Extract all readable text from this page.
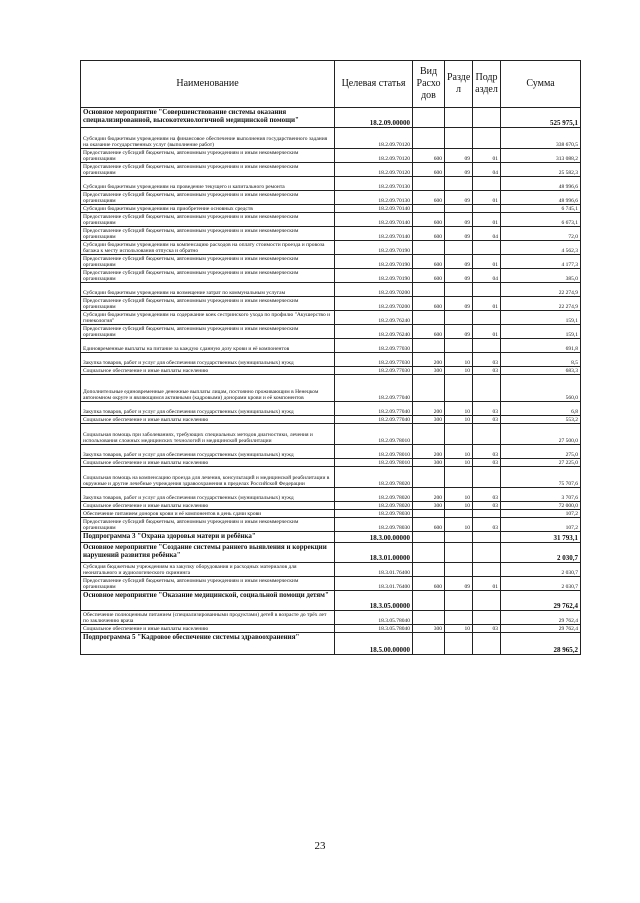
Наименование	Целевая статья	Вид Расхо дов	Разде л	Подр аздел	Сумма
Основное мероприятие "Совершенствование системы оказания специализированной, высокотехнологичной медицинской помощи"	18.2.09.00000				525 975,1
Субсидии бюджетным учреждениям на финансовое обеспечение выполнения государственного задания на оказание государственных услуг (выполнение работ)	18.2.09.70120				338 670,5
Предоставление субсидий бюджетным, автономным учреждениям и иным некоммерческим организациям	18.2.09.70120	600	09	01	313 088,2
Предоставление субсидий бюджетным, автономным учреждениям и иным некоммерческим организациям	18.2.09.70120	600	09	04	25 582,3
Субсидии бюджетным учреждениям на проведение текущего и капитального ремонта	18.2.09.70130				48 996,6
Предоставление субсидий бюджетным, автономным учреждениям и иным некоммерческим организациям	18.2.09.70130	600	09	01	48 996,6
Субсидии бюджетным учреждениям на приобретение основных средств	18.2.09.70140				6 745,1
Предоставление субсидий бюджетным, автономным учреждениям и иным некоммерческим организациям	18.2.09.70140	600	09	01	6 673,1
Предоставление субсидий бюджетным, автономным учреждениям и иным некоммерческим организациям	18.2.09.70140	600	09	04	72,0
Субсидии бюджетным учреждениям на компенсацию расходов на оплату стоимости проезда и провоза багажа к месту использования отпуска и обратно	18.2.09.70190				4 562,3
Предоставление субсидий бюджетным, автономным учреждениям и иным некоммерческим организациям	18.2.09.70190	600	09	01	4 177,3
Предоставление субсидий бюджетным, автономным учреждениям и иным некоммерческим организациям	18.2.09.70190	600	09	04	385,0
Субсидии бюджетным учреждениям на возмещение затрат по коммунальным услугам	18.2.09.70200				22 274,9
Предоставление субсидий бюджетным, автономным учреждениям и иным некоммерческим организациям	18.2.09.70200	600	09	01	22 274,9
Субсидии бюджетным учреждениям на содержание коек сестринского ухода по профилю "Акушерство и гинекология"	18.2.09.76240				159,1
Предоставление субсидий бюджетным, автономным учреждениям и иным некоммерческим организациям	18.2.09.76240	600	09	01	159,1
Единовременные выплаты на питание за каждую сданную дозу крови и её компонентов	18.2.09.77030				691,8
Закупка товаров, работ и услуг для обеспечения государственных (муниципальных) нужд	18.2.09.77030	200	10	03	8,5
Социальное обеспечение и иные выплаты населению	18.2.09.77030	300	10	03	683,3
Дополнительные единовременные денежные выплаты лицам, постоянно проживающим в Ненецком автономном округе и являющимся активными (кадровыми) донорами крови и её компонентов	18.2.09.77040				560,0
Закупка товаров, работ и услуг для обеспечения государственных (муниципальных) нужд	18.2.09.77040	200	10	03	6,8
Социальное обеспечение и иные выплаты населению	18.2.09.77040	300	10	03	553,2
Социальная помощь при заболеваниях, требующих специальных методов диагностики, лечения и использования сложных медицинских технологий и медицинской реабилитации	18.2.09.78010				27 500,0
Закупка товаров, работ и услуг для обеспечения государственных (муниципальных) нужд	18.2.09.78010	200	10	03	275,0
Социальное обеспечение и иные выплаты населению	18.2.09.78010	300	10	03	27 225,0
Социальная помощь на компенсацию проезда для лечения, консультаций и медицинской реабилитации в окружные и другие лечебные учреждения здравоохранения в пределах Российской Федерации	18.2.09.78020				75 707,6
Закупка товаров, работ и услуг для обеспечения государственных (муниципальных) нужд	18.2.09.78020	200	10	03	3 707,6
Социальное обеспечение и иные выплаты населению	18.2.09.78020	300	10	03	72 000,0
Обеспечение питанием доноров крови и её компонентов в день сдачи крови	18.2.09.78030				107,2
Предоставление субсидий бюджетным, автономным учреждениям и иным некоммерческим организациям	18.2.09.78030	600	10	03	107,2
Подпрограмма 3 "Охрана здоровья матери и ребёнка"	18.3.00.00000				31 793,1
Основное мероприятие "Создание системы раннего выявления и коррекции нарушений развития ребёнка"	18.3.01.00000				2 030,7
Субсидия бюджетным учреждениям на закупку оборудования и расходных материалов для неонатального и аудиологического скрининга	18.3.01.76400				2 030,7
Предоставление субсидий бюджетным, автономным учреждениям и иным некоммерческим организациям	18.3.01.76400	600	09	01	2 030,7
Основное мероприятие "Оказание медицинской, социальной помощи детям"	18.3.05.00000				29 762,4
Обеспечение полноценным питанием (специализированными продуктами) детей в возрасте до трёх лет по заключению врача	18.3.05.78040				29 762,4
Социальное обеспечение и иные выплаты населению	18.3.05.78040	300	10	03	29 762,4
Подпрограмма 5 "Кадровое обеспечение системы здравоохранения"	18.5.00.00000				28 965,2
23
